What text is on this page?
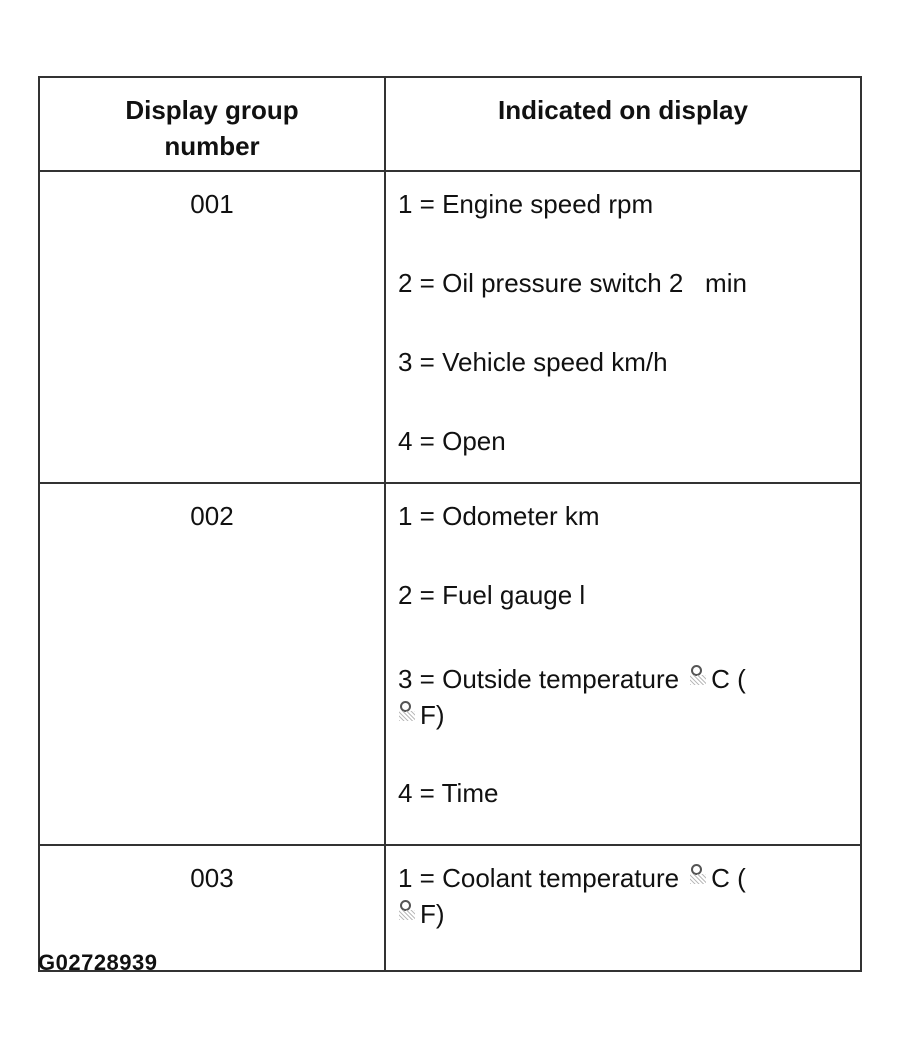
Display group
number	Indicated on display
001	1 = Engine speed rpm
2 = Oil pressure switch 2   min
3 = Vehicle speed km/h
4 = Open

002	1 = Odometer km
2 = Fuel gauge l
3 = Outside temperature C (
F)
4 = Time

003	1 = Coolant temperature C (
F)
G02728939
